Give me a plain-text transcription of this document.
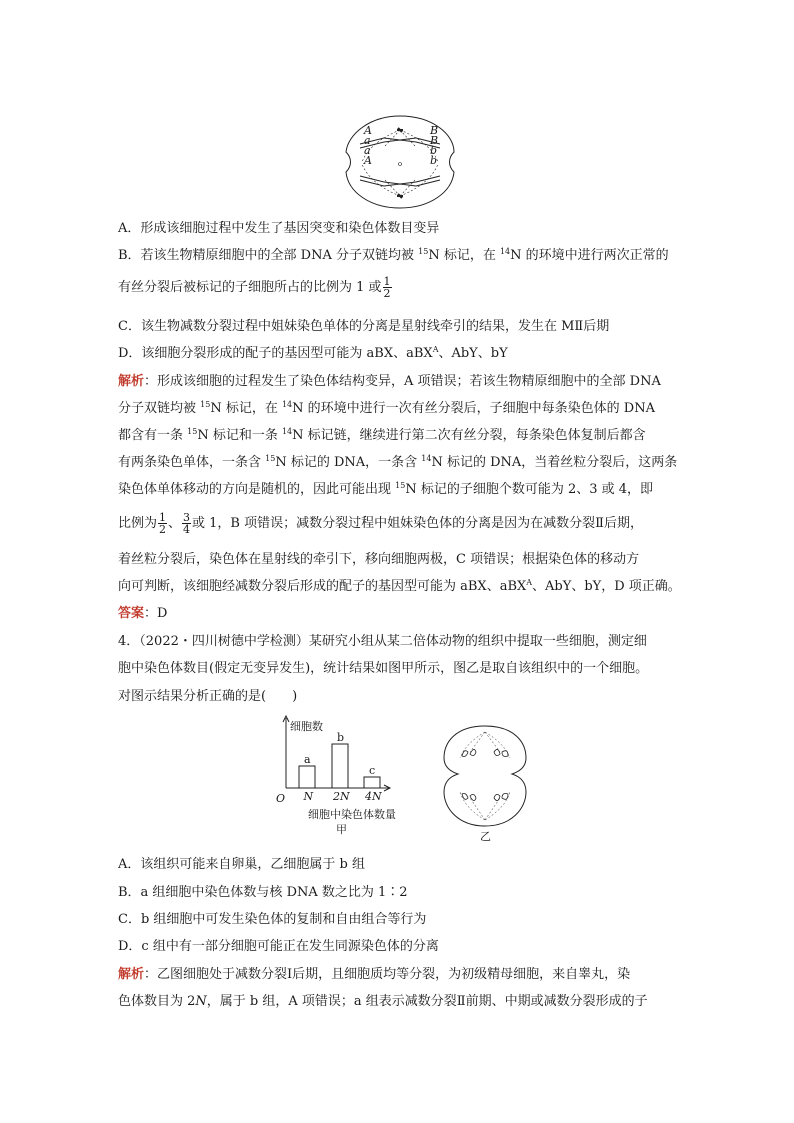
A
a
a
A
B
B
b
b
A．形成该细胞过程中发生了基因突变和染色体数目变异
B．若该生物精原细胞中的全部 DNA 分子双链均被 $^{15}$N 标记，在 $^{14}$N 的环境中进行两次正常的
有丝分裂后被标记的子细胞所占的比例为 1 或 $\frac{1}{2}$
C．该生物减数分裂过程中姐妹染色单体的分离是星射线牵引的结果，发生在 MⅡ后期
D．该细胞分裂形成的配子的基因型可能为 aBX、aBX$^A$、AbY、bY
解析：形成该细胞的过程发生了染色体结构变异，A 项错误；若该生物精原细胞中的全部 DNA
分子双链均被 $^{15}$N 标记，在 $^{14}$N 的环境中进行一次有丝分裂后，子细胞中每条染色体的 DNA
都含有一条 $^{15}$N 标记和一条 $^{14}$N 标记链，继续进行第二次有丝分裂，每条染色体复制后都含
有两条染色单体，一条含 $^{15}$N 标记的 DNA，一条含 $^{14}$N 标记的 DNA，当着丝粒分裂后，这两条
染色体单体移动的方向是随机的，因此可能出现 $^{15}$N 标记的子细胞个数可能为 2、3 或 4，即
比例为 $\frac{1}{2}$ 、 $\frac{3}{4}$ 或 1，B 项错误；减数分裂过程中姐妹染色体的分离是因为在减数分裂Ⅱ后期，
着丝粒分裂后，染色体在星射线的牵引下，移向细胞两极，C 项错误；根据染色体的移动方
向可判断，该细胞经减数分裂后形成的配子的基因型可能为 aBX、aBX$^A$、AbY、bY，D 项正确。
答案：D
4．（2022・四川树德中学检测）某研究小组从某二倍体动物的组织中提取一些细胞，测定细
胞中染色体数目(假定无变异发生)，统计结果如图甲所示，图乙是取自该组织中的一个细胞。
对图示结果分析正确的是(　　)
细胞数
O
a
N
b
2N
c
4N
细胞中染色体数量
甲
乙
A．该组织可能来自卵巢，乙细胞属于 b 组
B．a 组细胞中染色体数与核 DNA 数之比为 1∶2
C．b 组细胞中可发生染色体的复制和自由组合等行为
D．c 组中有一部分细胞可能正在发生同源染色体的分离
解析：乙图细胞处于减数分裂Ⅰ后期，且细胞质均等分裂，为初级精母细胞，来自睾丸，染
色体数目为 2N，属于 b 组，A 项错误；a 组表示减数分裂Ⅱ前期、中期或减数分裂形成的子
